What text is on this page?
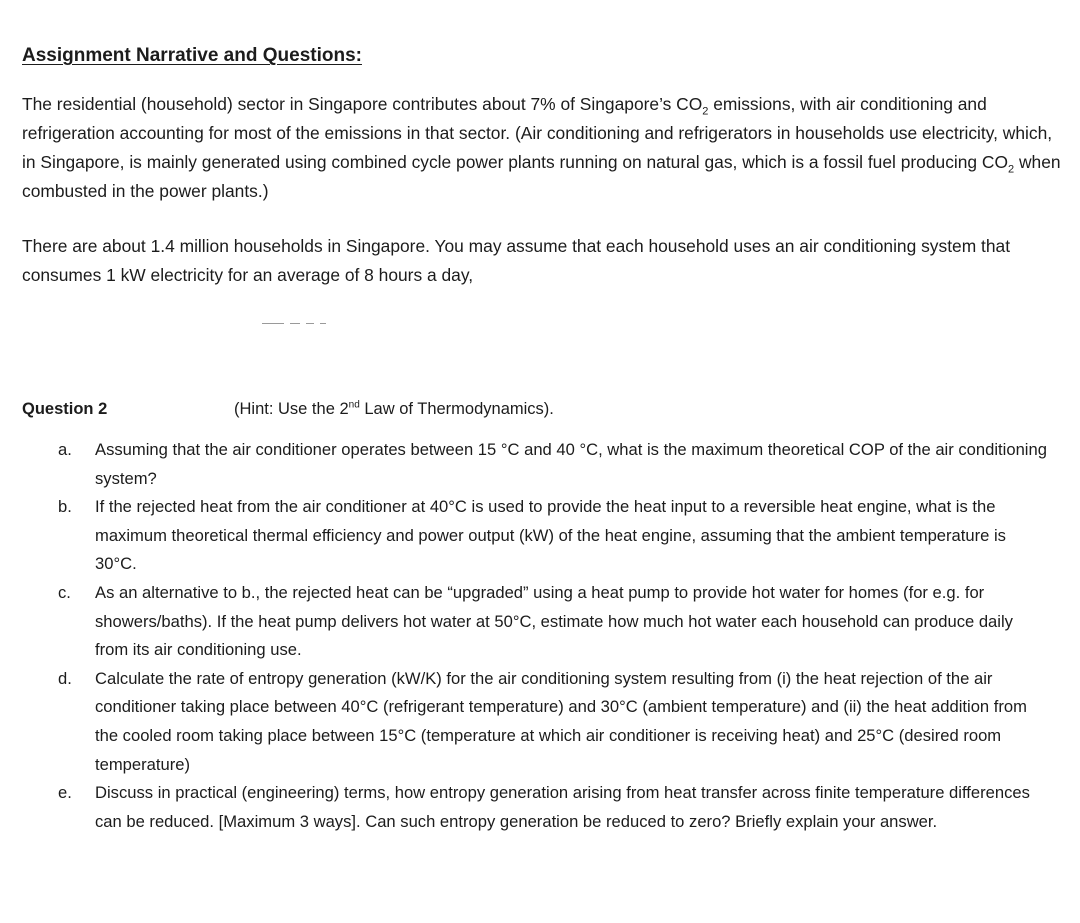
Assignment Narrative and Questions:

The residential (household) sector in Singapore contributes about 7% of Singapore’s $CO_2$ emissions, with air conditioning and refrigeration accounting for most of the emissions in that sector. (Air conditioning and refrigerators in households use electricity, which, in Singapore, is mainly generated using combined cycle power plants running on natural gas, which is a fossil fuel producing $CO_2$ when combusted in the power plants.)

There are about 1.4 million households in Singapore. You may assume that each household uses an air conditioning system that consumes 1 kW electricity for an average of 8 hours a day,

Question 2	(Hint: Use the 2nd Law of Thermodynamics).
a. Assuming that the air conditioner operates between 15 °C and 40 °C, what is the maximum theoretical COP of the air conditioning system?
b. If the rejected heat from the air conditioner at 40°C is used to provide the heat input to a reversible heat engine, what is the maximum theoretical thermal efficiency and power output (kW) of the heat engine, assuming that the ambient temperature is 30°C.
c. As an alternative to b., the rejected heat can be “upgraded” using a heat pump to provide hot water for homes (for e.g. for showers/baths). If the heat pump delivers hot water at 50°C, estimate how much hot water each household can produce daily from its air conditioning use.
d. Calculate the rate of entropy generation (kW/K) for the air conditioning system resulting from (i) the heat rejection of the air conditioner taking place between 40°C (refrigerant temperature) and 30°C (ambient temperature) and (ii) the heat addition from the cooled room taking place between 15°C (temperature at which air conditioner is receiving heat) and 25°C (desired room temperature)
e. Discuss in practical (engineering) terms, how entropy generation arising from heat transfer across finite temperature differences can be reduced. [Maximum 3 ways]. Can such entropy generation be reduced to zero? Briefly explain your answer.
